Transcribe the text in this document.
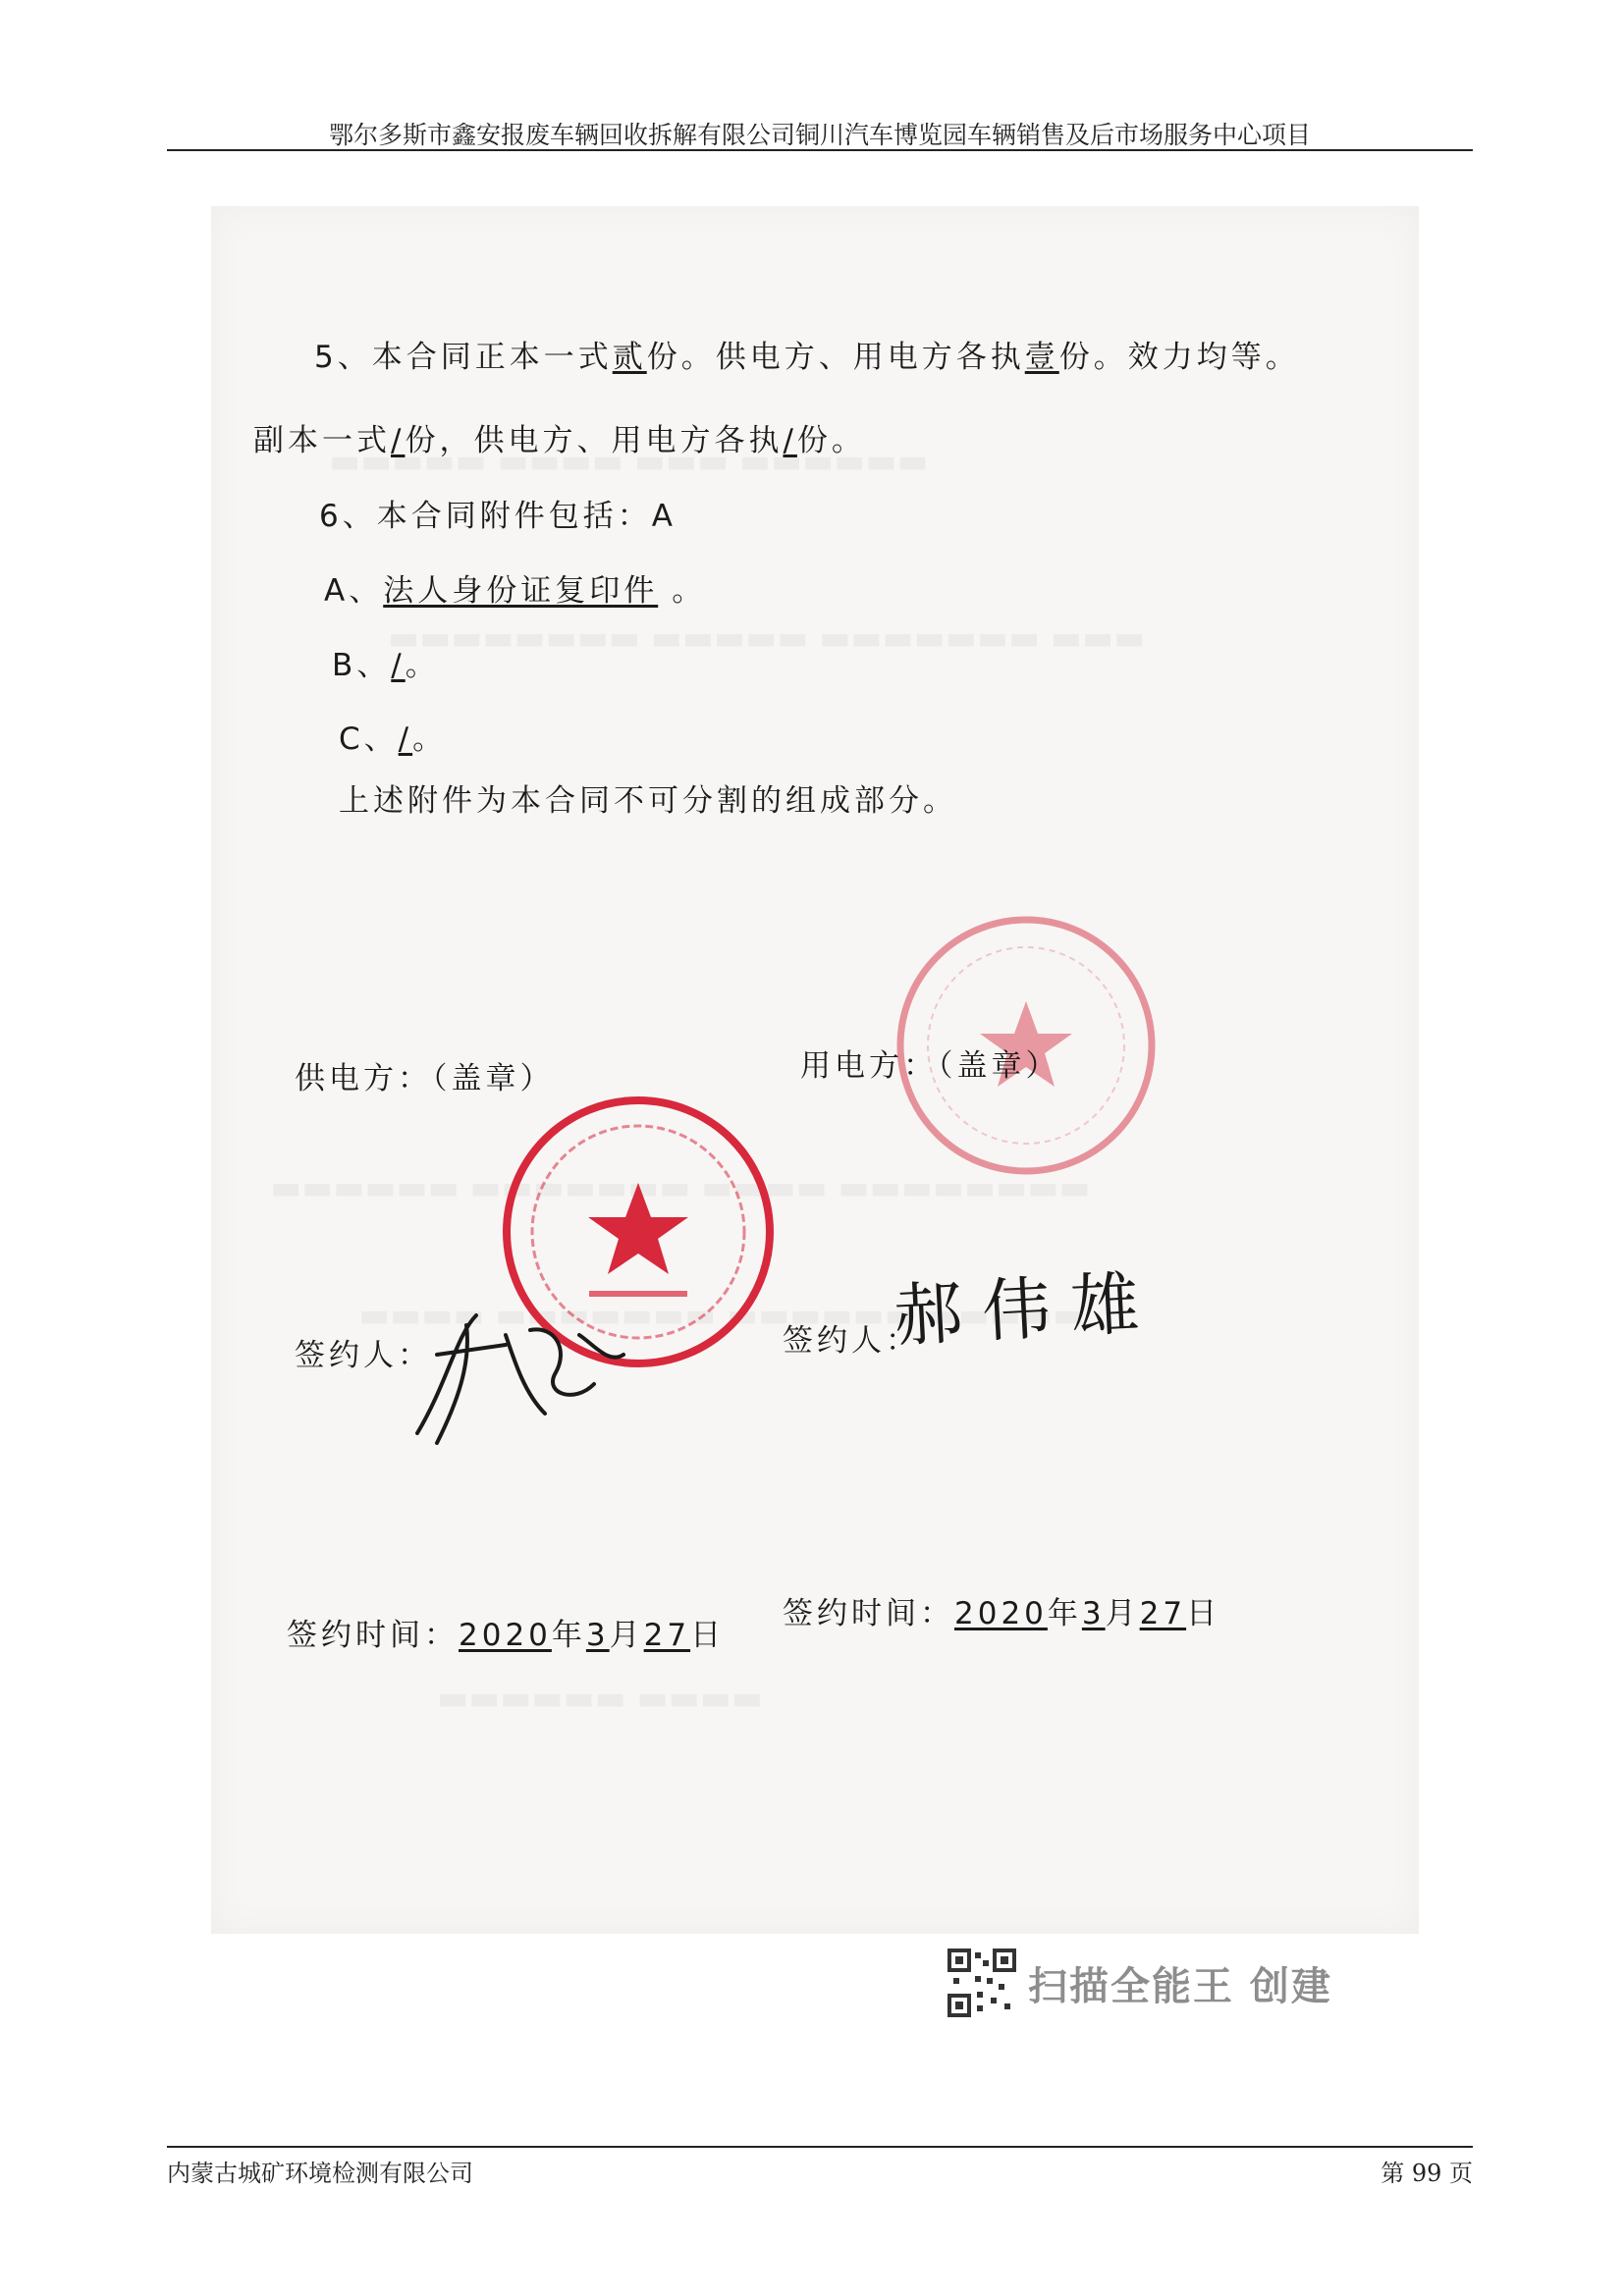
鄂尔多斯市鑫安报废车辆回收拆解有限公司铜川汽车博览园车辆销售及后市场服务中心项目
5、本合同正本一式贰份。供电方、用电方各执壹份。效力均等。
副本一式/份，供电方、用电方各执/份。
6、本合同附件包括：A
A、法人身份证复印件 。
B、/。
C、/。
上述附件为本合同不可分割的组成部分。
供电方：（盖章）	用电方：（盖章）
签约人：	签约人：
郝伟雄
签约时间：2020年3月27日
签约时间：2020年3月27日
扫描全能王 创建
内蒙古城矿环境检测有限公司	第 99 页
